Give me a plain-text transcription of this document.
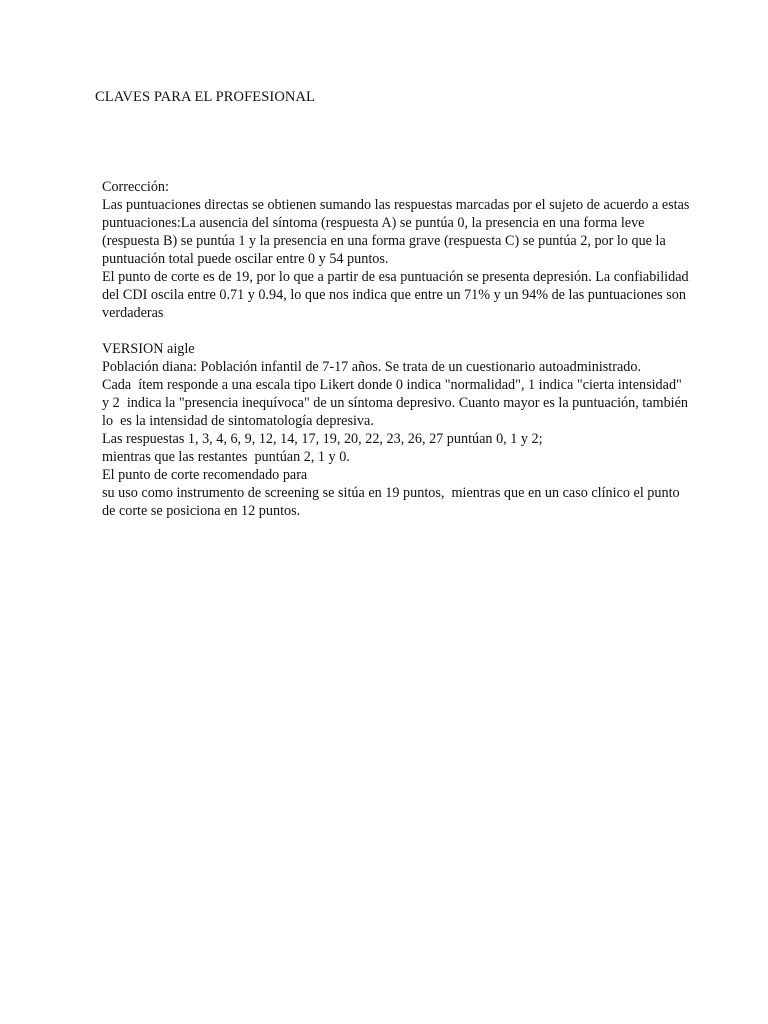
CLAVES PARA EL PROFESIONAL
Corrección:
Las puntuaciones directas se obtienen sumando las respuestas marcadas por el sujeto de acuerdo a estas
puntuaciones:La ausencia del síntoma (respuesta A) se puntúa 0, la presencia en una forma leve
(respuesta B) se puntúa 1 y la presencia en una forma grave (respuesta C) se puntúa 2, por lo que la
puntuación total puede oscilar entre 0 y 54 puntos.
El punto de corte es de 19, por lo que a partir de esa puntuación se presenta depresión. La confiabilidad
del CDI oscila entre 0.71 y 0.94, lo que nos indica que entre un 71% y un 94% de las puntuaciones son
verdaderas
VERSION aigle
Población diana: Población infantil de 7-17 años. Se trata de un cuestionario autoadministrado.
Cada  ítem responde a una escala tipo Likert donde 0 indica "normalidad", 1 indica "cierta intensidad"
y 2  indica la "presencia inequívoca" de un síntoma depresivo. Cuanto mayor es la puntuación, también
lo  es la intensidad de sintomatología depresiva.
Las respuestas 1, 3, 4, 6, 9, 12, 14, 17, 19, 20, 22, 23, 26, 27 puntúan 0, 1 y 2;
mientras que las restantes  puntúan 2, 1 y 0.
El punto de corte recomendado para
su uso como instrumento de screening se sitúa en 19 puntos,  mientras que en un caso clínico el punto
de corte se posiciona en 12 puntos.
